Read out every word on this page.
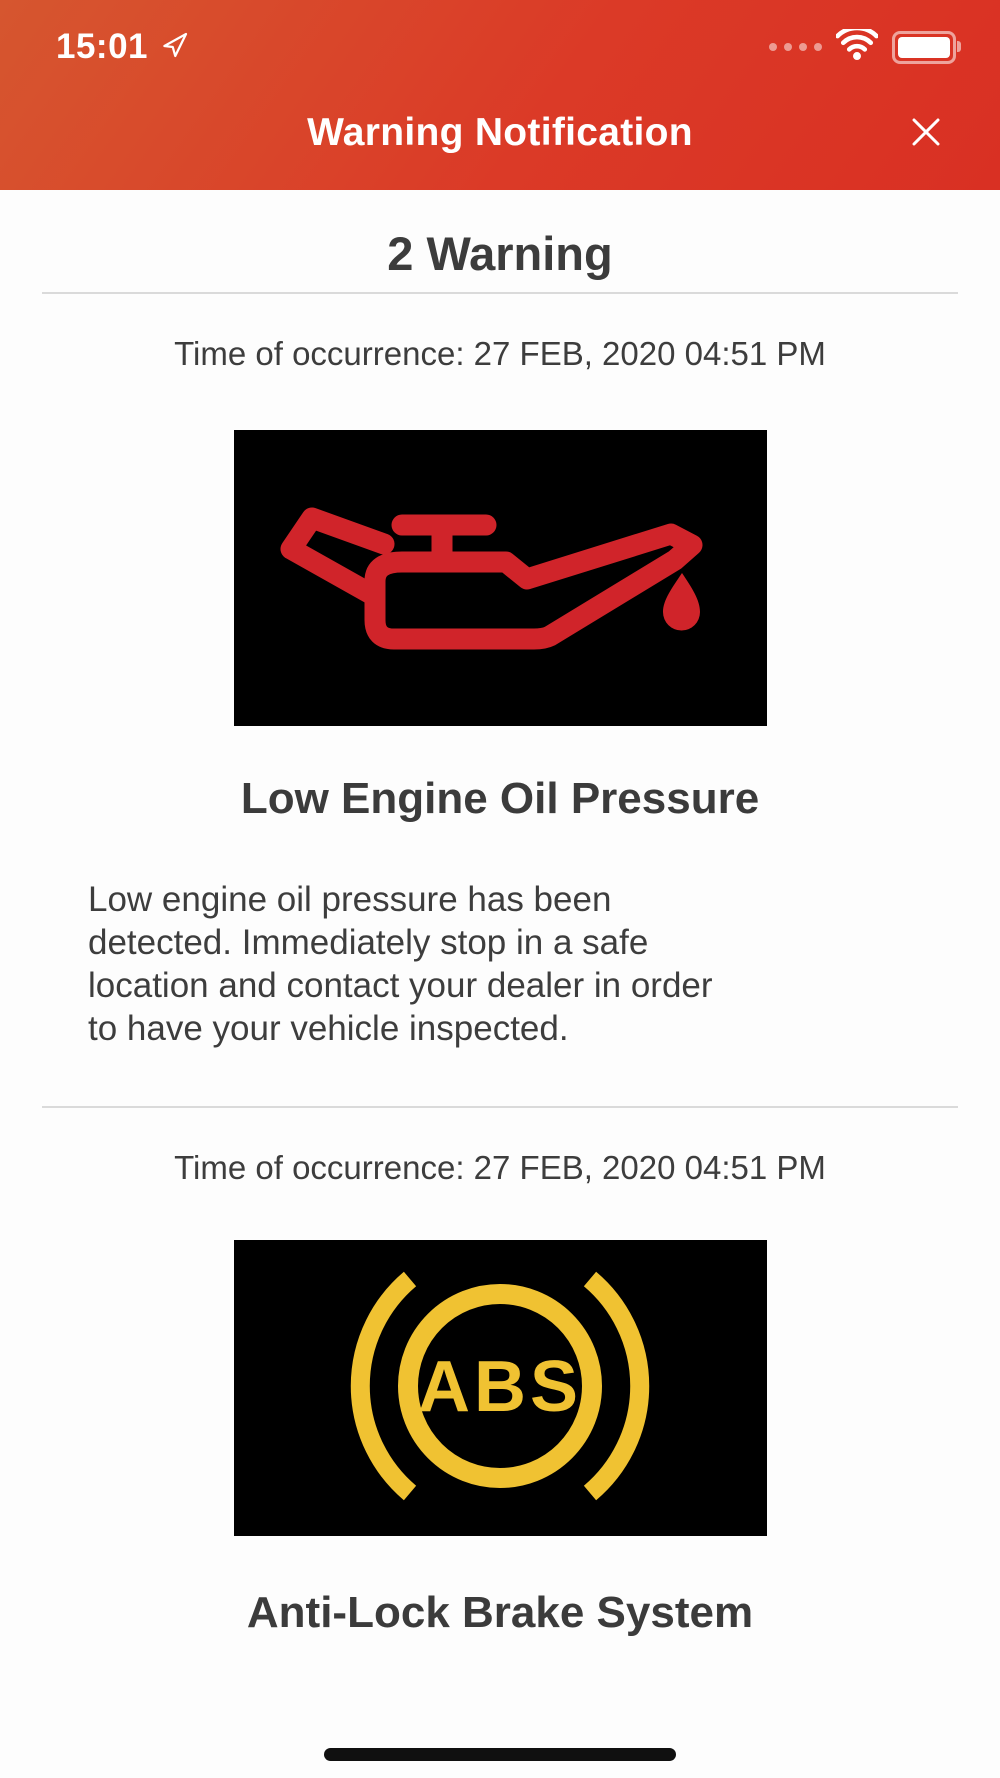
15:01
Warning Notification
2 Warning
Time of occurrence: 27 FEB, 2020 04:51 PM
Low Engine Oil Pressure
Low engine oil pressure has been
detected. Immediately stop in a safe
location and contact your dealer in order
to have your vehicle inspected.
Time of occurrence: 27 FEB, 2020 04:51 PM
ABS
Anti-Lock Brake System
